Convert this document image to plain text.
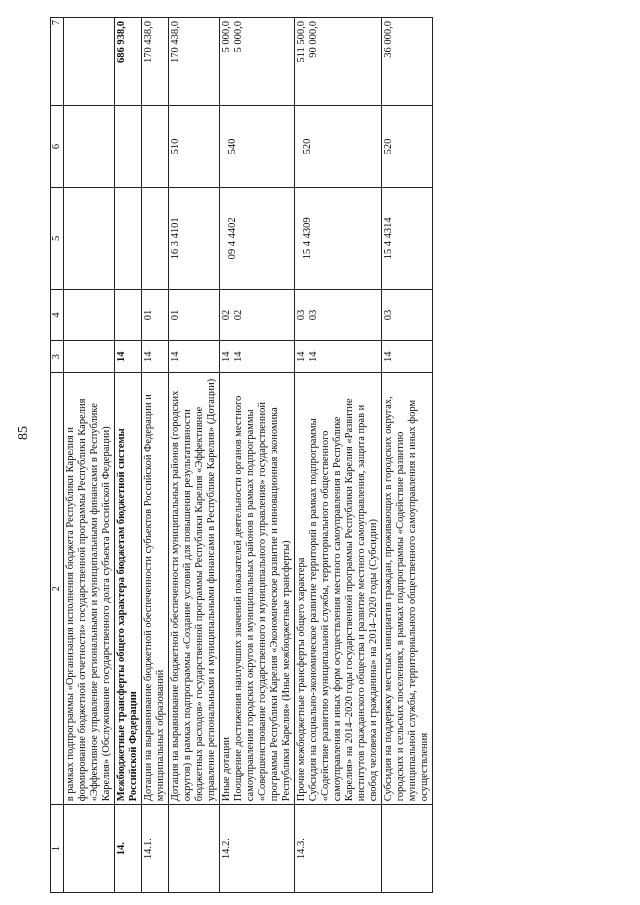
85
1	2	3	4	5	6	7
	в рамках подпрограммы «Организация исполнения бюджета Республики Карелия и формирование бюджетной отчетности» государственной программы Республики Карелия «Эффективное управление региональными и муниципальными финансами в Республике Карелия» (Обслуживание государственного долга субъекта Российской Федерации)					
14.	Межбюджетные трансферты общего характера бюджетам бюджетной системы Российской Федерации	14				686 938,0
14.1.	Дотации на выравнивание бюджетной обеспеченности субъектов Российской Федерации и муниципальных образований	14	01			170 438,0
	Дотация на выравнивание бюджетной обеспеченности муниципальных районов (городских округов) в рамках подпрограммы «Создание условий для повышения результативности бюджетных расходов» государственной программы Республики Карелия «Эффективное управление региональными и муниципальными финансами в Республике Карелия» (Дотации)	14	01	16 3 4101	510	170 438,0
14.2.	Иные дотации Поощрение достижения наилучших значений показателей деятельности органов местного самоуправления городских округов и муниципальных районов в рамках подпрограммы «Совершенствование государственного и муниципального управления» государственной программы Республики Карелия «Экономическое развитие и инновационная экономика Республики Карелия» (Иные межбюджетные трансферты)	14 14	02 02	09 4 4402	540	5 000,0 5 000,0

14.3.	Прочие межбюджетные трансферты общего характера Субсидия на социально-экономическое развитие территорий в рамках подпрограммы «Содействие развитию муниципальной службы, территориального общественного самоуправления и иных форм осуществления местного самоуправления в Республике Карелия» на 2014–2020 годы государственной программы Республики Карелия «Развитие институтов гражданского общества и развитие местного самоуправления, защита прав и свобод человека и гражданина» на 2014–2020 годы (Субсидии)	14 14	03 03	15 4 4309	520	511 500,0 90 000,0

	Субсидия на поддержку местных инициатив граждан, проживающих в городских округах, городских и сельских поселениях, в рамках подпрограммы «Содействие развитию муниципальной службы, территориального общественного самоуправления и иных форм осуществления	14	03	15 4 4314	520	36 000,0
